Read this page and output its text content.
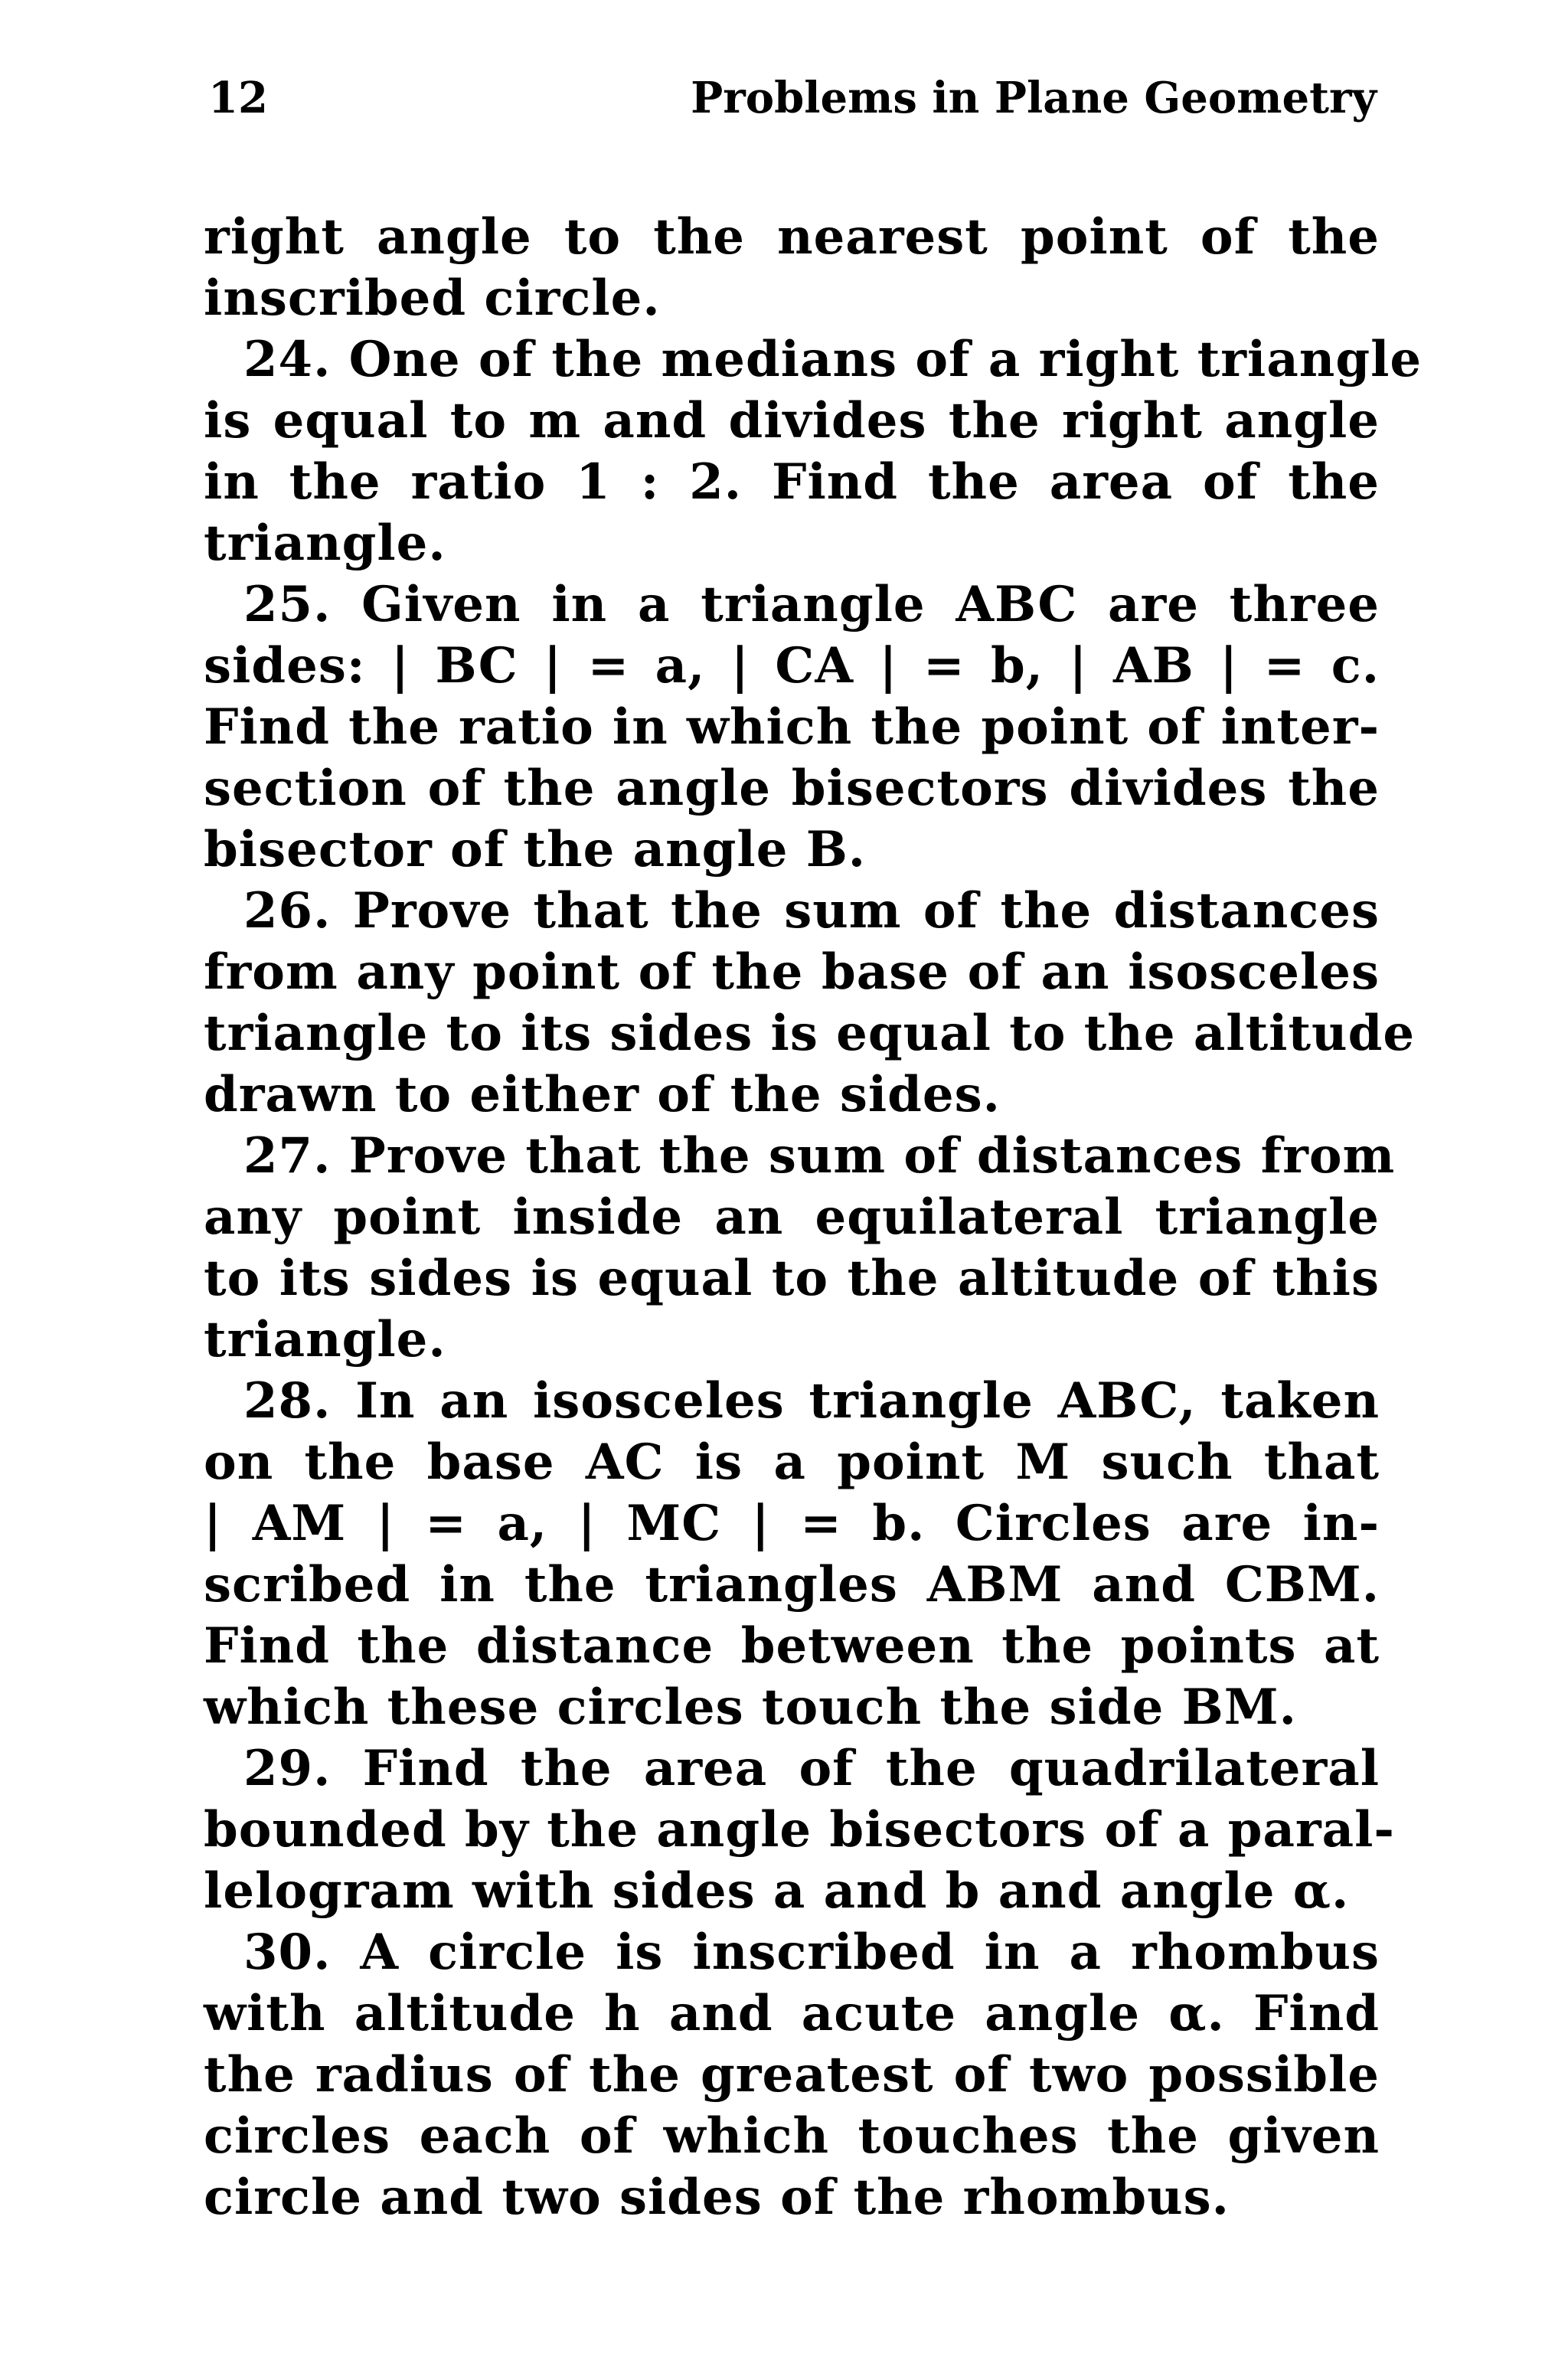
12	Problems in Plane Geometry
right angle to the nearest point of the
inscribed circle.
24. One of the medians of a right triangle
is equal to m and divides the right angle
in the ratio 1 : 2. Find the area of the
triangle.
25. Given in a triangle ABC are three
sides: | BC | = a, | CA | = b, | AB | = c.
Find the ratio in which the point of inter-
section of the angle bisectors divides the
bisector of the angle B.
26. Prove that the sum of the distances
from any point of the base of an isosceles
triangle to its sides is equal to the altitude
drawn to either of the sides.
27. Prove that the sum of distances from
any point inside an equilateral triangle
to its sides is equal to the altitude of this
triangle.
28. In an isosceles triangle ABC, taken
on the base AC is a point M such that
| AM | = a, | MC | = b. Circles are in-
scribed in the triangles ABM and CBM.
Find the distance between the points at
which these circles touch the side BM.
29. Find the area of the quadrilateral
bounded by the angle bisectors of a paral-
lelogram with sides a and b and angle α.
30. A circle is inscribed in a rhombus
with altitude h and acute angle α. Find
the radius of the greatest of two possible
circles each of which touches the given
circle and two sides of the rhombus.
